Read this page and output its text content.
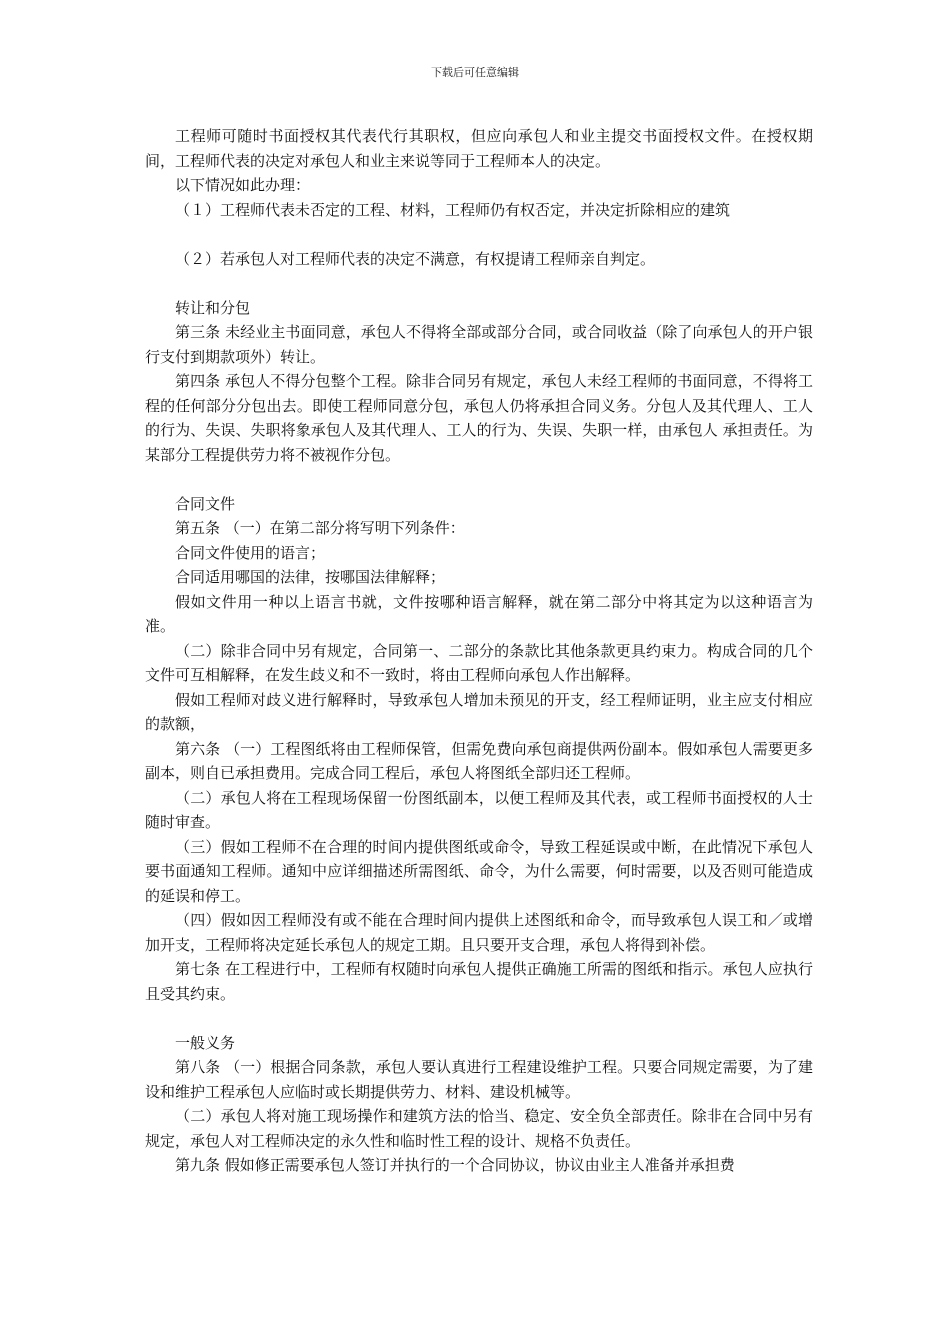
下载后可任意编辑

工程师可随时书面授权其代表代行其职权，但应向承包人和业主提交书面授权文件。在授权期间，工程师代表的决定对承包人和业主来说等同于工程师本人的决定。

以下情况如此办理：

（１）工程师代表未否定的工程、材料，工程师仍有权否定，并决定折除相应的建筑

（２）若承包人对工程师代表的决定不满意，有权提请工程师亲自判定。

转让和分包

第三条 未经业主书面同意，承包人不得将全部或部分合同，或合同收益（除了向承包人的开户银行支付到期款项外）转让。

第四条 承包人不得分包整个工程。除非合同另有规定，承包人未经工程师的书面同意，不得将工程的任何部分分包出去。即使工程师同意分包，承包人仍将承担合同义务。分包人及其代理人、工人的行为、失误、失职将象承包人及其代理人、工人的行为、失误、失职一样，由承包人 承担责任。为某部分工程提供劳力将不被视作分包。

合同文件

第五条 （一）在第二部分将写明下列条件：

合同文件使用的语言；

合同适用哪国的法律，按哪国法律解释；

假如文件用一种以上语言书就，文件按哪种语言解释，就在第二部分中将其定为以这种语言为准。

（二）除非合同中另有规定，合同第一、二部分的条款比其他条款更具约束力。构成合同的几个文件可互相解释，在发生歧义和不一致时，将由工程师向承包人作出解释。

假如工程师对歧义进行解释时，导致承包人增加未预见的开支，经工程师证明，业主应支付相应的款额，

第六条 （一）工程图纸将由工程师保管，但需免费向承包商提供两份副本。假如承包人需要更多副本，则自已承担费用。完成合同工程后，承包人将图纸全部归还工程师。

（二）承包人将在工程现场保留一份图纸副本，以便工程师及其代表，或工程师书面授权的人士随时审查。

（三）假如工程师不在合理的时间内提供图纸或命令，导致工程延误或中断，在此情况下承包人要书面通知工程师。通知中应详细描述所需图纸、命令，为什么需要，何时需要，以及否则可能造成的延误和停工。

（四）假如因工程师没有或不能在合理时间内提供上述图纸和命令，而导致承包人误工和／或增加开支，工程师将决定延长承包人的规定工期。且只要开支合理，承包人将得到补偿。

第七条 在工程进行中，工程师有权随时向承包人提供正确施工所需的图纸和指示。承包人应执行且受其约束。

一般义务

第八条 （一）根据合同条款，承包人要认真进行工程建设维护工程。只要合同规定需要，为了建设和维护工程承包人应临时或长期提供劳力、材料、建设机械等。

（二）承包人将对施工现场操作和建筑方法的恰当、稳定、安全负全部责任。除非在合同中另有规定，承包人对工程师决定的永久性和临时性工程的设计、规格不负责任。

第九条 假如修正需要承包人签订并执行的一个合同协议，协议由业主人准备并承担费
